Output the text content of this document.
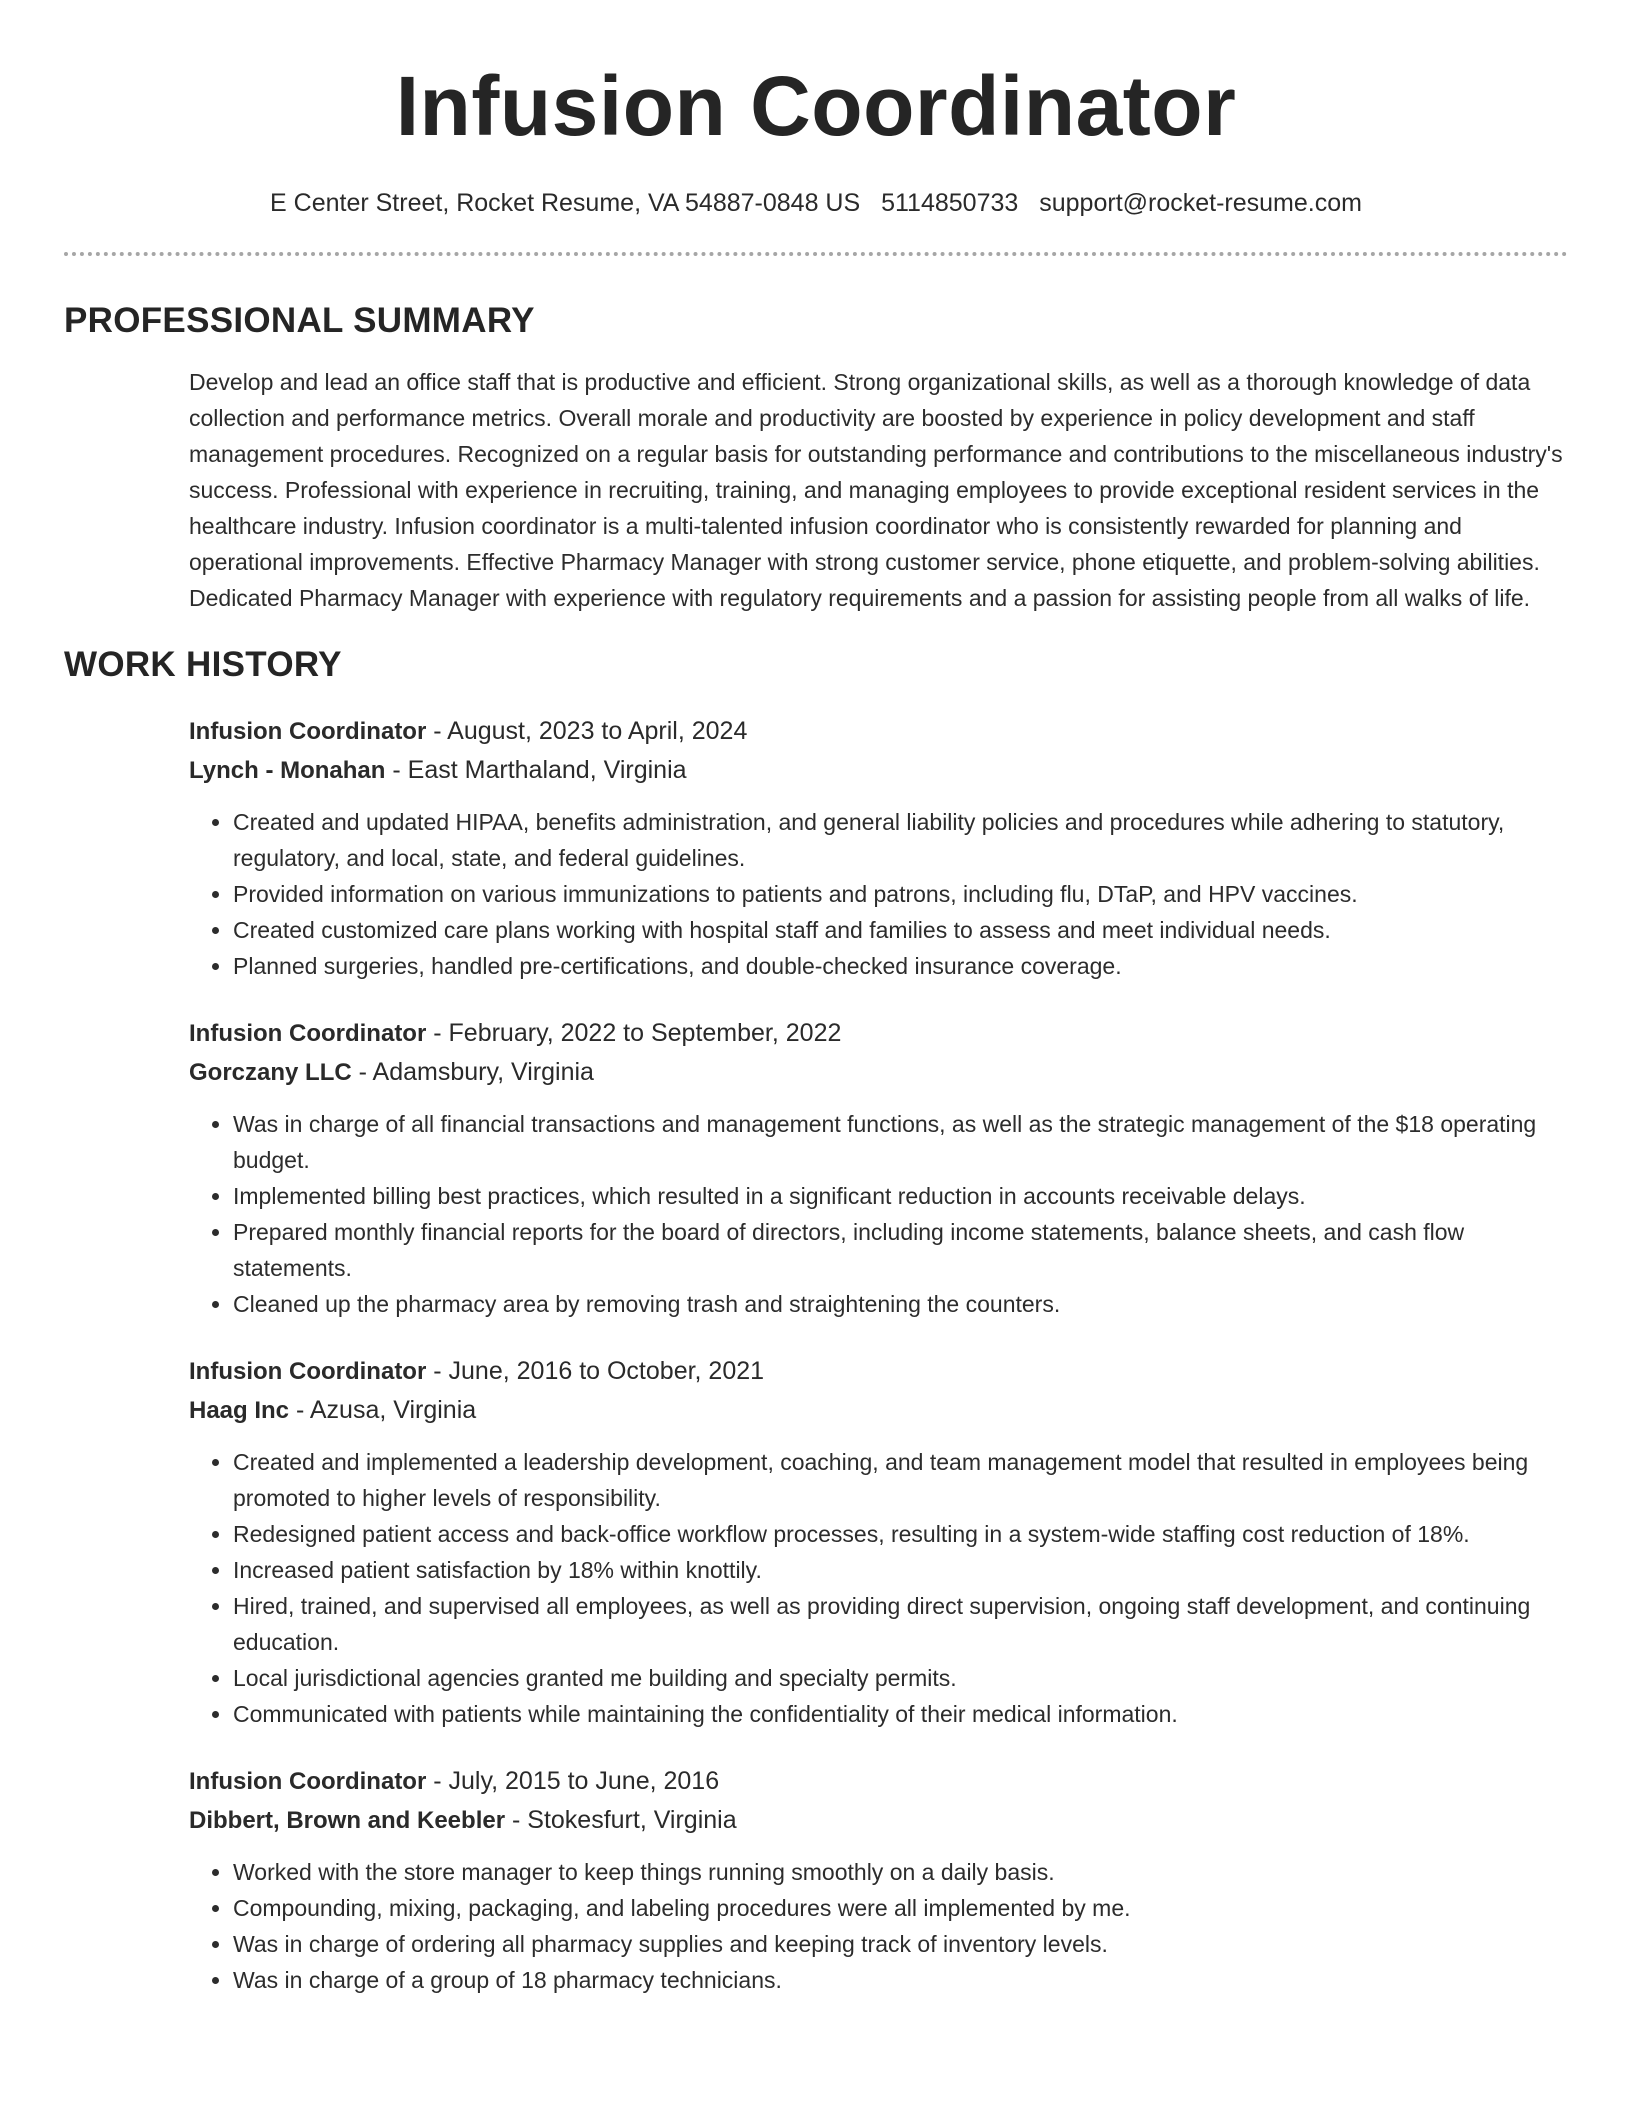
Infusion Coordinator
E Center Street, Rocket Resume, VA 54887-0848 US 5114850733 support@rocket-resume.com
PROFESSIONAL SUMMARY

Develop and lead an office staff that is productive and efficient. Strong organizational skills, as well as a thorough knowledge of data collection and performance metrics. Overall morale and productivity are boosted by experience in policy development and staff management procedures. Recognized on a regular basis for outstanding performance and contributions to the miscellaneous industry's success. Professional with experience in recruiting, training, and managing employees to provide exceptional resident services in the healthcare industry. Infusion coordinator is a multi-talented infusion coordinator who is consistently rewarded for planning and operational improvements. Effective Pharmacy Manager with strong customer service, phone etiquette, and problem-solving abilities. Dedicated Pharmacy Manager with experience with regulatory requirements and a passion for assisting people from all walks of life.

WORK HISTORY
Infusion Coordinator - August, 2023 to April, 2024
Lynch - Monahan - East Marthaland, Virginia
• Created and updated HIPAA, benefits administration, and general liability policies and procedures while adhering to statutory, regulatory, and local, state, and federal guidelines.
• Provided information on various immunizations to patients and patrons, including flu, DTaP, and HPV vaccines.
• Created customized care plans working with hospital staff and families to assess and meet individual needs.
• Planned surgeries, handled pre-certifications, and double-checked insurance coverage.
Infusion Coordinator - February, 2022 to September, 2022
Gorczany LLC - Adamsbury, Virginia
• Was in charge of all financial transactions and management functions, as well as the strategic management of the $18 operating budget.
• Implemented billing best practices, which resulted in a significant reduction in accounts receivable delays.
• Prepared monthly financial reports for the board of directors, including income statements, balance sheets, and cash flow statements.
• Cleaned up the pharmacy area by removing trash and straightening the counters.
Infusion Coordinator - June, 2016 to October, 2021
Haag Inc - Azusa, Virginia
• Created and implemented a leadership development, coaching, and team management model that resulted in employees being promoted to higher levels of responsibility.
• Redesigned patient access and back-office workflow processes, resulting in a system-wide staffing cost reduction of 18%.
• Increased patient satisfaction by 18% within knottily.
• Hired, trained, and supervised all employees, as well as providing direct supervision, ongoing staff development, and continuing education.
• Local jurisdictional agencies granted me building and specialty permits.
• Communicated with patients while maintaining the confidentiality of their medical information.
Infusion Coordinator - July, 2015 to June, 2016
Dibbert, Brown and Keebler - Stokesfurt, Virginia
• Worked with the store manager to keep things running smoothly on a daily basis.
• Compounding, mixing, packaging, and labeling procedures were all implemented by me.
• Was in charge of ordering all pharmacy supplies and keeping track of inventory levels.
• Was in charge of a group of 18 pharmacy technicians.
